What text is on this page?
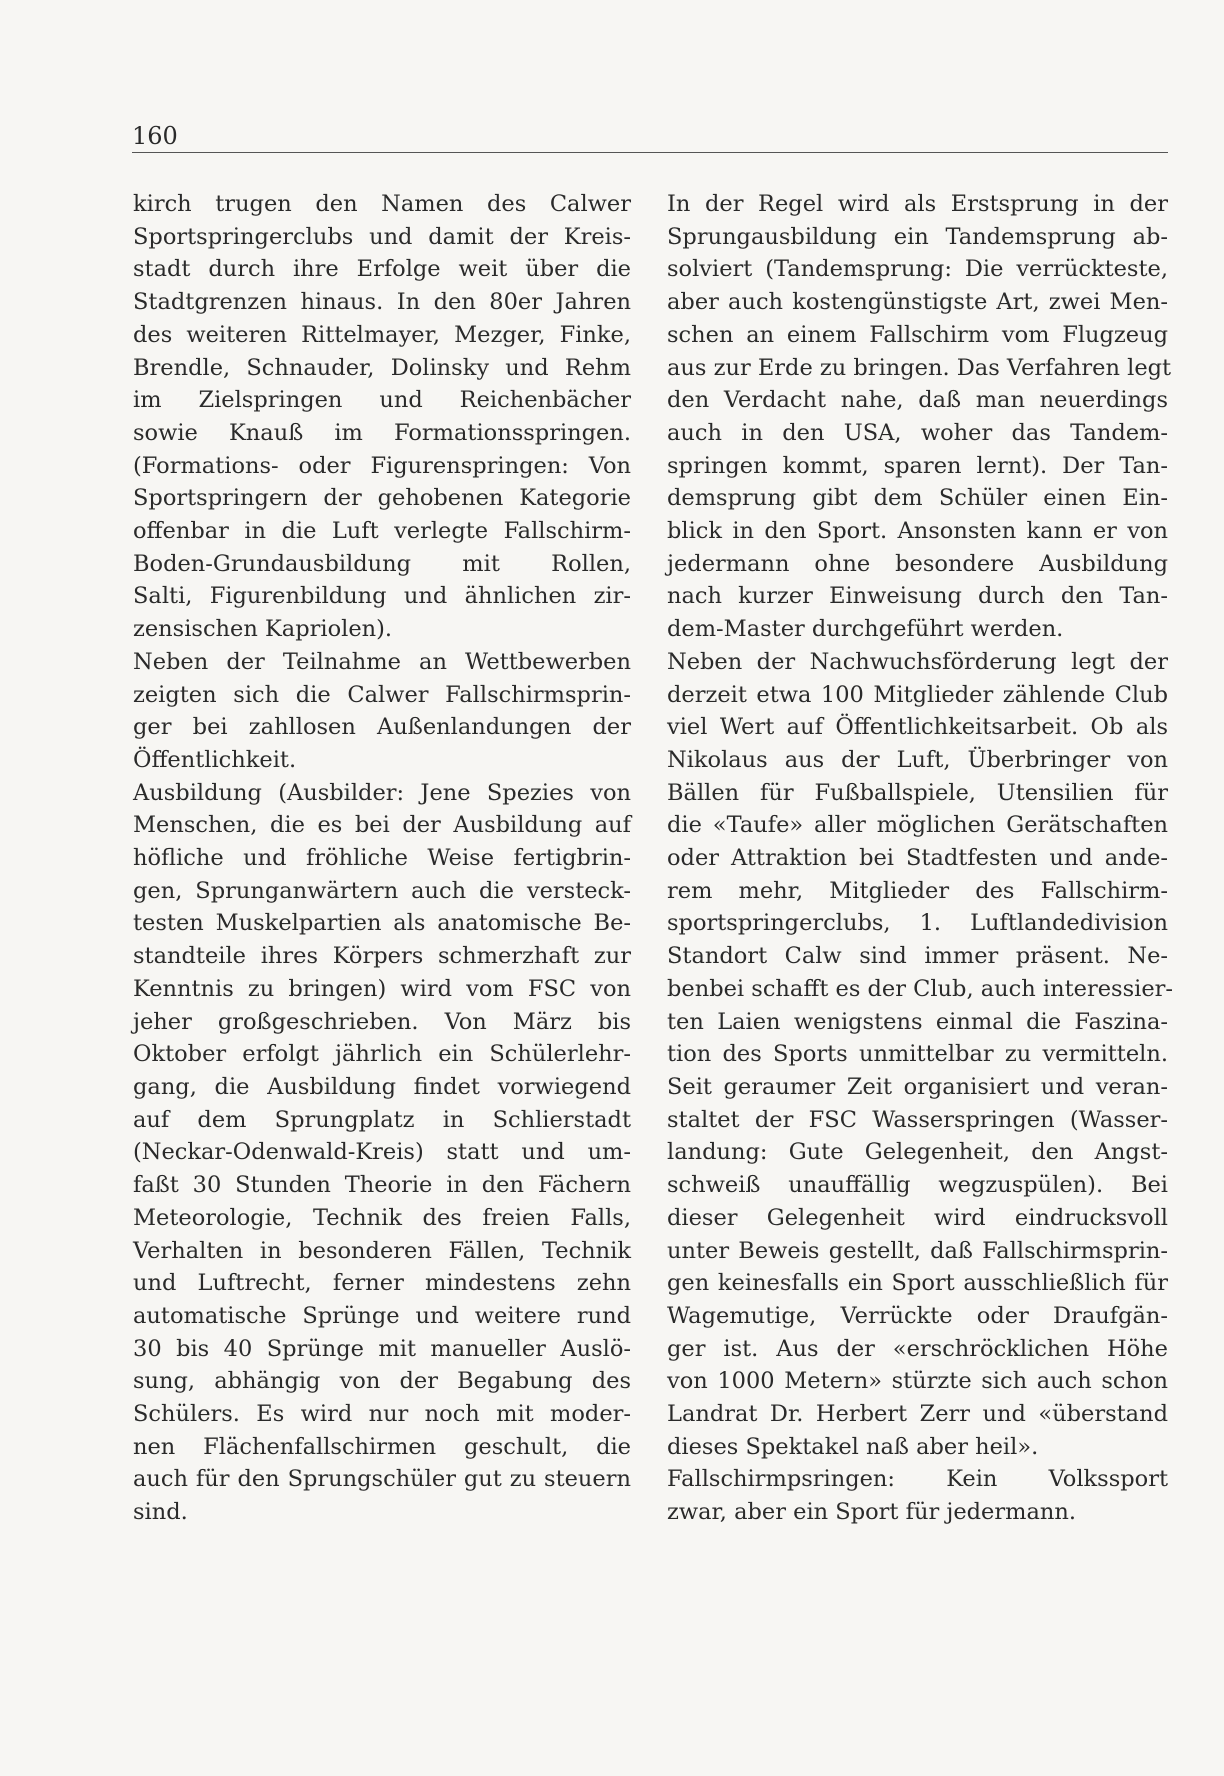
160
kirch trugen den Namen des Calwer
Sportspringerclubs und damit der Kreis-
stadt durch ihre Erfolge weit über die
Stadtgrenzen hinaus. In den 80er Jahren
des weiteren Rittelmayer, Mezger, Finke,
Brendle, Schnauder, Dolinsky und Rehm
im Zielspringen und Reichenbächer
sowie Knauß im Formationsspringen.
(Formations- oder Figurenspringen: Von
Sportspringern der gehobenen Kategorie
offenbar in die Luft verlegte Fallschirm-
Boden-Grundausbildung mit Rollen,
Salti, Figurenbildung und ähnlichen zir-
zensischen Kapriolen).
Neben der Teilnahme an Wettbewerben
zeigten sich die Calwer Fallschirmsprin-
ger bei zahllosen Außenlandungen der
Öffentlichkeit.
Ausbildung (Ausbilder: Jene Spezies von
Menschen, die es bei der Ausbildung auf
höfliche und fröhliche Weise fertigbrin-
gen, Sprunganwärtern auch die versteck-
testen Muskelpartien als anatomische Be-
standteile ihres Körpers schmerzhaft zur
Kenntnis zu bringen) wird vom FSC von
jeher großgeschrieben. Von März bis
Oktober erfolgt jährlich ein Schülerlehr-
gang, die Ausbildung findet vorwiegend
auf dem Sprungplatz in Schlierstadt
(Neckar-Odenwald-Kreis) statt und um-
faßt 30 Stunden Theorie in den Fächern
Meteorologie, Technik des freien Falls,
Verhalten in besonderen Fällen, Technik
und Luftrecht, ferner mindestens zehn
automatische Sprünge und weitere rund
30 bis 40 Sprünge mit manueller Auslö-
sung, abhängig von der Begabung des
Schülers. Es wird nur noch mit moder-
nen Flächenfallschirmen geschult, die
auch für den Sprungschüler gut zu steuern
sind.
In der Regel wird als Erstsprung in der
Sprungausbildung ein Tandemsprung ab-
solviert (Tandemsprung: Die verrückteste,
aber auch kostengünstigste Art, zwei Men-
schen an einem Fallschirm vom Flugzeug
aus zur Erde zu bringen. Das Verfahren legt
den Verdacht nahe, daß man neuerdings
auch in den USA, woher das Tandem-
springen kommt, sparen lernt). Der Tan-
demsprung gibt dem Schüler einen Ein-
blick in den Sport. Ansonsten kann er von
jedermann ohne besondere Ausbildung
nach kurzer Einweisung durch den Tan-
dem-Master durchgeführt werden.
Neben der Nachwuchsförderung legt der
derzeit etwa 100 Mitglieder zählende Club
viel Wert auf Öffentlichkeitsarbeit. Ob als
Nikolaus aus der Luft, Überbringer von
Bällen für Fußballspiele, Utensilien für
die «Taufe» aller möglichen Gerätschaften
oder Attraktion bei Stadtfesten und ande-
rem mehr, Mitglieder des Fallschirm-
sportspringerclubs, 1. Luftlandedivision
Standort Calw sind immer präsent. Ne-
benbei schafft es der Club, auch interessier-
ten Laien wenigstens einmal die Faszina-
tion des Sports unmittelbar zu vermitteln.
Seit geraumer Zeit organisiert und veran-
staltet der FSC Wasserspringen (Wasser-
landung: Gute Gelegenheit, den Angst-
schweiß unauffällig wegzuspülen). Bei
dieser Gelegenheit wird eindrucksvoll
unter Beweis gestellt, daß Fallschirmsprin-
gen keinesfalls ein Sport ausschließlich für
Wagemutige, Verrückte oder Draufgän-
ger ist. Aus der «erschröcklichen Höhe
von 1000 Metern» stürzte sich auch schon
Landrat Dr. Herbert Zerr und «überstand
dieses Spektakel naß aber heil».
Fallschirmpsringen: Kein Volkssport
zwar, aber ein Sport für jedermann.
